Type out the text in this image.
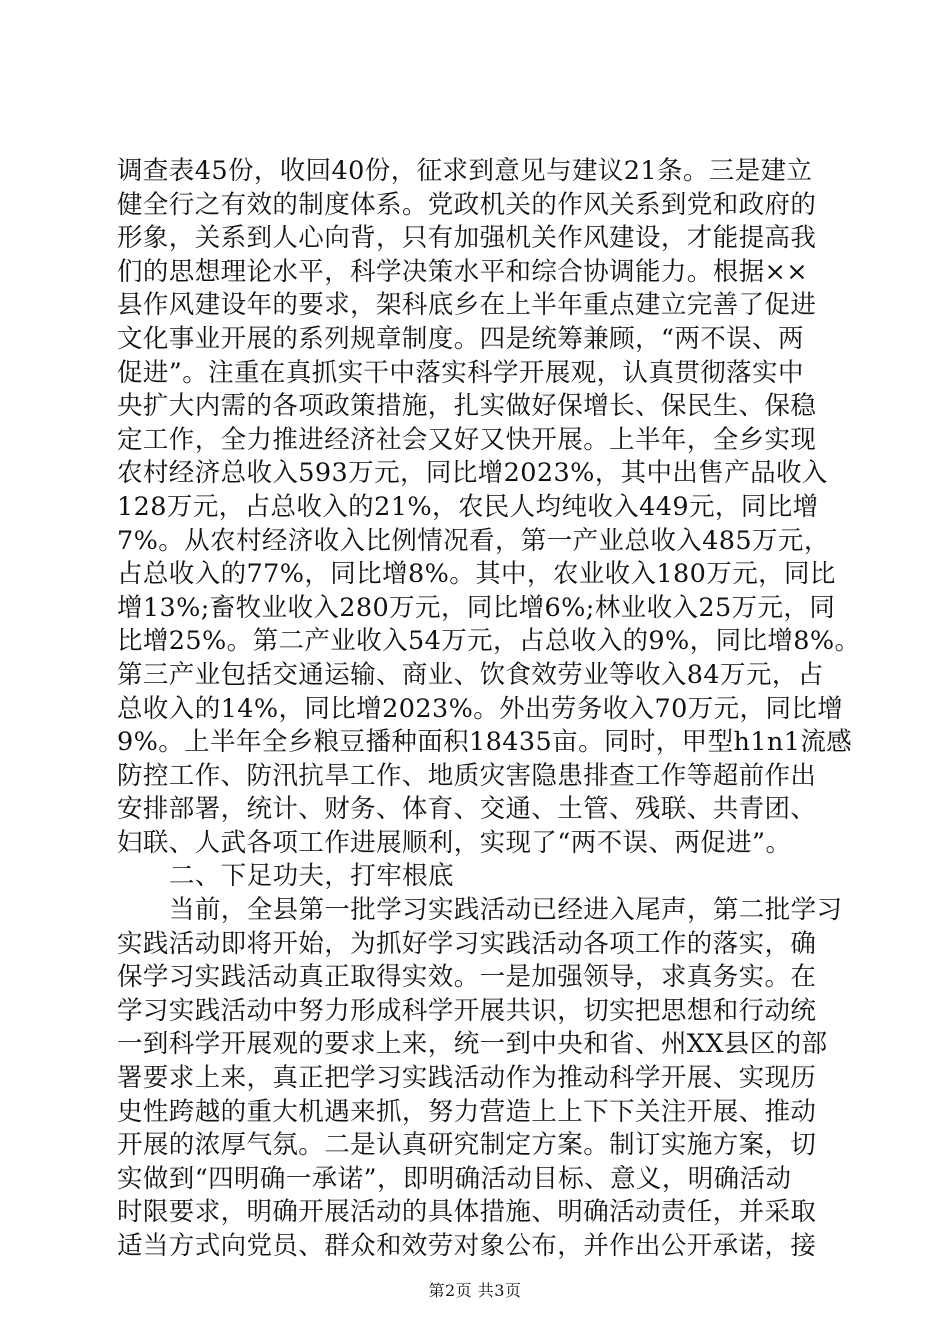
调查表45份，收回40份，征求到意见与建议21条。三是建立
健全行之有效的制度体系。党政机关的作风关系到党和政府的
形象，关系到人心向背，只有加强机关作风建设，才能提高我
们的思想理论水平，科学决策水平和综合协调能力。根据××
县作风建设年的要求，架科底乡在上半年重点建立完善了促进
文化事业开展的系列规章制度。四是统筹兼顾，“两不误、两
促进”。注重在真抓实干中落实科学开展观，认真贯彻落实中
央扩大内需的各项政策措施，扎实做好保增长、保民生、保稳
定工作，全力推进经济社会又好又快开展。上半年，全乡实现
农村经济总收入593万元，同比增2023%，其中出售产品收入
128万元，占总收入的21%，农民人均纯收入449元，同比增
7%。从农村经济收入比例情况看，第一产业总收入485万元，
占总收入的77%，同比增8%。其中，农业收入180万元，同比
增13%;畜牧业收入280万元，同比增6%;林业收入25万元，同
比增25%。第二产业收入54万元，占总收入的9%，同比增8%。
第三产业包括交通运输、商业、饮食效劳业等收入84万元，占
总收入的14%，同比增2023%。外出劳务收入70万元，同比增
9%。上半年全乡粮豆播种面积18435亩。同时，甲型h1n1流感
防控工作、防汛抗旱工作、地质灾害隐患排查工作等超前作出
安排部署，统计、财务、体育、交通、土管、残联、共青团、
妇联、人武各项工作进展顺利，实现了“两不误、两促进”。
二、下足功夫，打牢根底
当前，全县第一批学习实践活动已经进入尾声，第二批学习
实践活动即将开始，为抓好学习实践活动各项工作的落实，确
保学习实践活动真正取得实效。一是加强领导，求真务实。在
学习实践活动中努力形成科学开展共识，切实把思想和行动统
一到科学开展观的要求上来，统一到中央和省、州XX县区的部
署要求上来，真正把学习实践活动作为推动科学开展、实现历
史性跨越的重大机遇来抓，努力营造上上下下关注开展、推动
开展的浓厚气氛。二是认真研究制定方案。制订实施方案，切
实做到“四明确一承诺”，即明确活动目标、意义，明确活动
时限要求，明确开展活动的具体措施、明确活动责任，并采取
适当方式向党员、群众和效劳对象公布，并作出公开承诺，接
第2页 共3页
